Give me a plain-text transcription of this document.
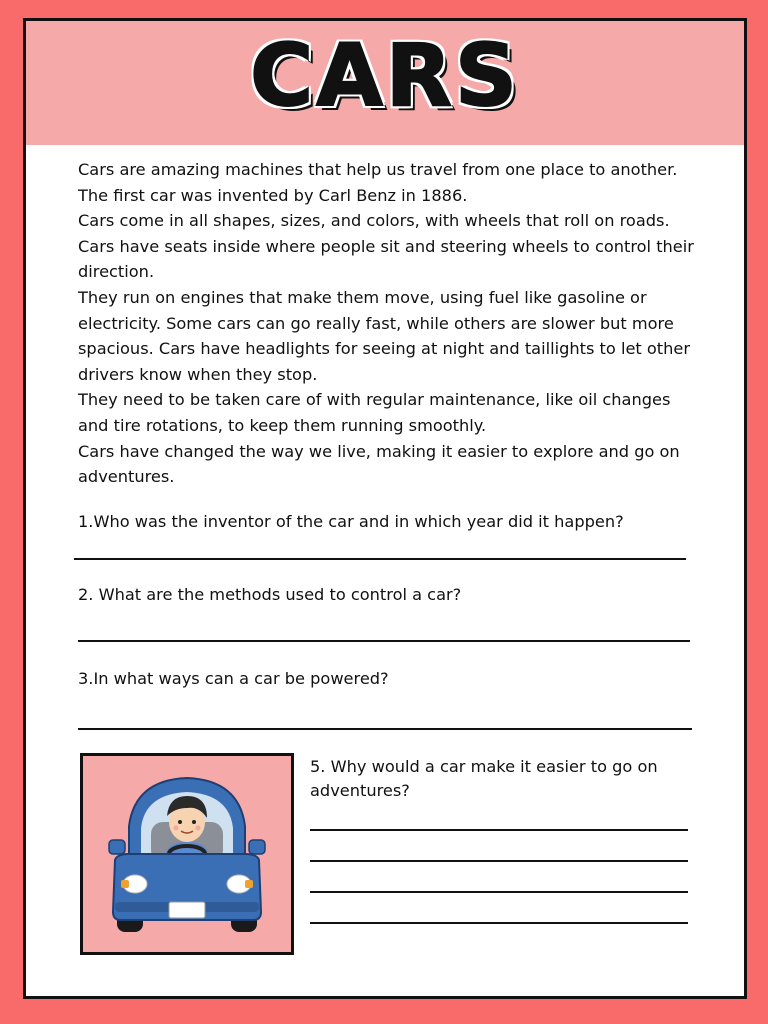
CARS

Cars are amazing machines that help us travel from one place to another. The first car was invented by Carl Benz in 1886.

Cars come in all shapes, sizes, and colors, with wheels that roll on roads. Cars have seats inside where people sit and steering wheels to control their direction.

They run on engines that make them move, using fuel like gasoline or electricity. Some cars can go really fast, while others are slower but more spacious. Cars have headlights for seeing at night and taillights to let other drivers know when they stop.

They need to be taken care of with regular maintenance, like oil changes and tire rotations, to keep them running smoothly.

Cars have changed the way we live, making it easier to explore and go on adventures.

1.Who was the inventor of the car and in which year did it happen?
2. What are the methods used to control a car?
3.In what ways can a car be powered?
5. Why would a car make it easier to go on adventures?
